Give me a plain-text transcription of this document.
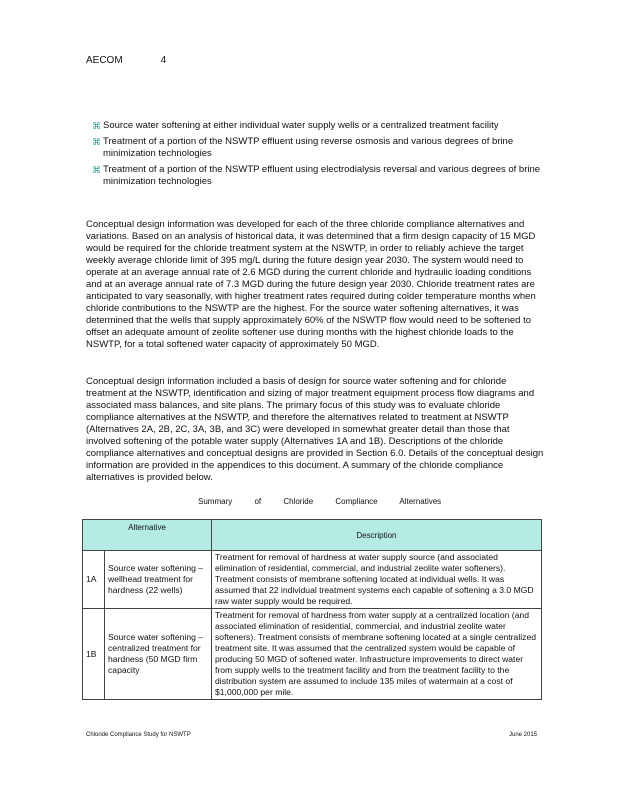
AECOM	4
⌘ Source water softening at either individual water supply wells or a centralized treatment facility
⌘ Treatment of a portion of the NSWTP effluent using reverse osmosis and various degrees of brine minimization technologies
⌘ Treatment of a portion of the NSWTP effluent using electrodialysis reversal and various degrees of brine minimization technologies

Conceptual design information was developed for each of the three chloride compliance alternatives and variations. Based on an analysis of historical data, it was determined that a firm design capacity of 15 MGD would be required for the chloride treatment system at the NSWTP, in order to reliably achieve the target weekly average chloride limit of 395 mg/L during the future design year 2030. The system would need to operate at an average annual rate of 2.6 MGD during the current chloride and hydraulic loading conditions and at an average annual rate of 7.3 MGD during the future design year 2030. Chloride treatment rates are anticipated to vary seasonally, with higher treatment rates required during colder temperature months when chloride contributions to the NSWTP are the highest. For the source water softening alternatives, it was determined that the wells that supply approximately 60% of the NSWTP flow would need to be softened to offset an adequate amount of zeolite softener use during months with the highest chloride loads to the NSWTP, for a total softened water capacity of approximately 50 MGD.

Conceptual design information included a basis of design for source water softening and for chloride treatment at the NSWTP, identification and sizing of major treatment equipment process flow diagrams and associated mass balances, and site plans. The primary focus of this study was to evaluate chloride compliance alternatives at the NSWTP, and therefore the alternatives related to treatment at NSWTP (Alternatives 2A, 2B, 2C, 3A, 3B, and 3C) were developed in somewhat greater detail than those that involved softening of the potable water supply (Alternatives 1A and 1B). Descriptions of the chloride compliance alternatives and conceptual designs are provided in Section 6.0. Details of the conceptual design information are provided in the appendices to this document. A summary of the chloride compliance alternatives is provided below.

Summary of Chloride Compliance Alternatives
Alternative		Description
1A	Source water softening – wellhead treatment for hardness (22 wells)	Treatment for removal of hardness at water supply source (and associated elimination of residential, commercial, and industrial zeolite water softeners). Treatment consists of membrane softening located at individual wells. It was assumed that 22 individual treatment systems each capable of softening a 3.0 MGD raw water supply would be required.
1B	Source water softening – centralized treatment for hardness (50 MGD firm capacity	Treatment for removal of hardness from water supply at a centralized location (and associated elimination of residential, commercial, and industrial zeolite water softeners). Treatment consists of membrane softening located at a single centralized treatment site. It was assumed that the centralized system would be capable of producing 50 MGD of softened water. Infrastructure improvements to direct water from supply wells to the treatment facility and from the treatment facility to the distribution system are assumed to include 135 miles of watermain at a cost of $1,000,000 per mile.
Chloride Compliance Study for NSWTP	June 2015
